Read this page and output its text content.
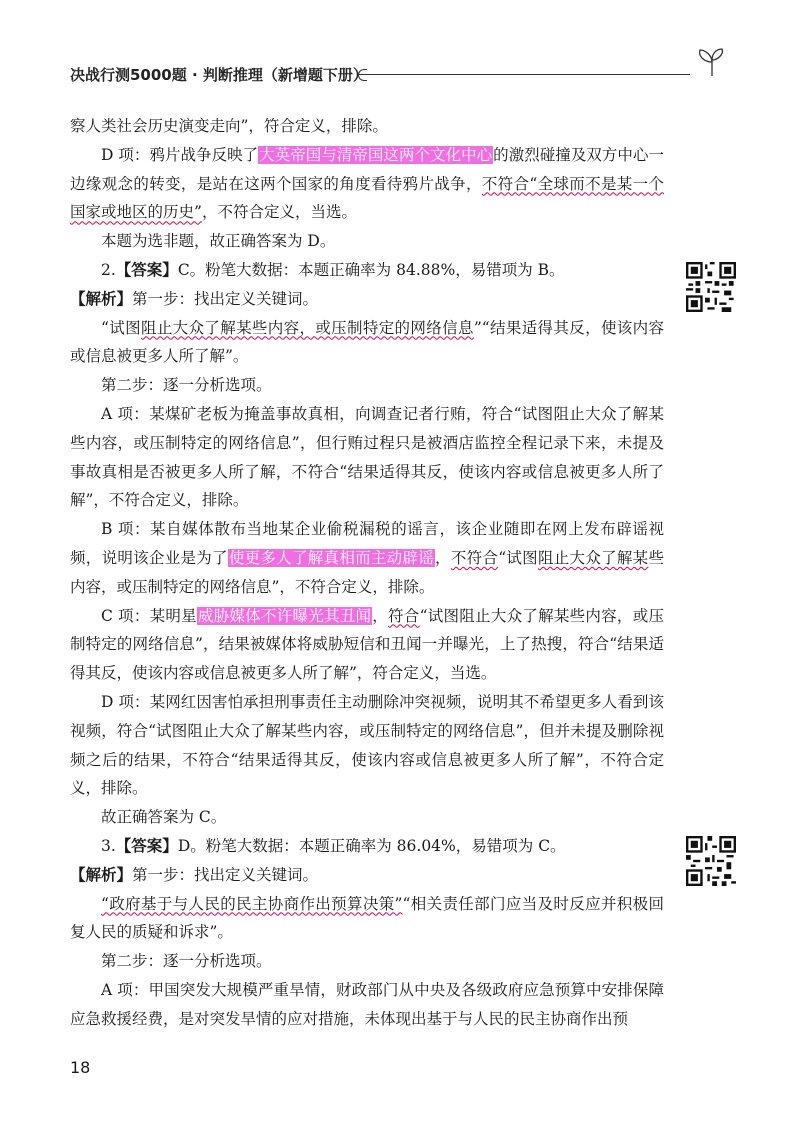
决战行测5000题 · 判断推理（新增题下册）

察人类社会历史演变走向”，符合定义，排除。

D 项：鸦片战争反映了大英帝国与清帝国这两个文化中心的激烈碰撞及双方中心一边缘观念的转变，是站在这两个国家的角度看待鸦片战争，不符合“全球而不是某一个国家或地区的历史”，不符合定义，当选。

本题为选非题，故正确答案为 D。

2.【答案】C。粉笔大数据：本题正确率为 84.88%，易错项为 B。

【解析】第一步：找出定义关键词。

“试图阻止大众了解某些内容，或压制特定的网络信息”“结果适得其反，使该内容或信息被更多人所了解”。

第二步：逐一分析选项。

A 项：某煤矿老板为掩盖事故真相，向调查记者行贿，符合“试图阻止大众了解某些内容，或压制特定的网络信息”，但行贿过程只是被酒店监控全程记录下来，未提及事故真相是否被更多人所了解，不符合“结果适得其反，使该内容或信息被更多人所了解”，不符合定义，排除。

B 项：某自媒体散布当地某企业偷税漏税的谣言，该企业随即在网上发布辟谣视频，说明该企业是为了使更多人了解真相而主动辟谣，不符合“试图阻止大众了解某些内容，或压制特定的网络信息”，不符合定义，排除。

C 项：某明星威胁媒体不许曝光其丑闻，符合“试图阻止大众了解某些内容，或压制特定的网络信息”，结果被媒体将威胁短信和丑闻一并曝光，上了热搜，符合“结果适得其反，使该内容或信息被更多人所了解”，符合定义，当选。

D 项：某网红因害怕承担刑事责任主动删除冲突视频，说明其不希望更多人看到该视频，符合“试图阻止大众了解某些内容，或压制特定的网络信息”，但并未提及删除视频之后的结果，不符合“结果适得其反，使该内容或信息被更多人所了解”，不符合定义，排除。

故正确答案为 C。

3.【答案】D。粉笔大数据：本题正确率为 86.04%，易错项为 C。

【解析】第一步：找出定义关键词。

“政府基于与人民的民主协商作出预算决策”“相关责任部门应当及时反应并积极回复人民的质疑和诉求”。

第二步：逐一分析选项。

A 项：甲国突发大规模严重旱情，财政部门从中央及各级政府应急预算中安排保障应急救援经费，是对突发旱情的应对措施，未体现出基于与人民的民主协商作出预

18
